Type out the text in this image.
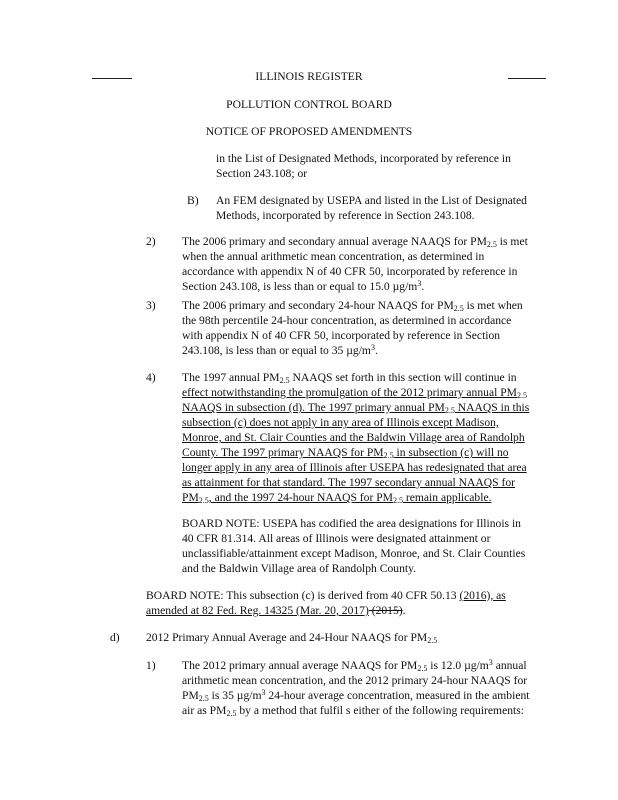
ILLINOIS REGISTER
POLLUTION CONTROL BOARD
NOTICE OF PROPOSED AMENDMENTS
in the List of Designated Methods, incorporated by reference in
Section 243.108; or
B) An FEM designated by USEPA and listed in the List of Designated
Methods, incorporated by reference in Section 243.108.
2) The 2006 primary and secondary annual average NAAQS for $PM_{2.5}$ is met
when the annual arithmetic mean concentration, as determined in
accordance with appendix N of 40 CFR 50, incorporated by reference in
Section 243.108, is less than or equal to 15.0 $\mu g/m^3$.
3) The 2006 primary and secondary 24-hour NAAQS for $PM_{2.5}$ is met when
the 98th percentile 24-hour concentration, as determined in accordance
with appendix N of 40 CFR 50, incorporated by reference in Section
243.108, is less than or equal to 35 $\mu g/m^3$.
4) The 1997 annual $PM_{2.5}$ NAAQS set forth in this section will continue in
effect notwithstanding the promulgation of the 2012 primary annual $PM_{2.5}$
NAAQS in subsection (d). The 1997 primary annual $PM_{2.5}$ NAAQS in this
subsection (c) does not apply in any area of Illinois except Madison,
Monroe, and St. Clair Counties and the Baldwin Village area of Randolph
County. The 1997 primary NAAQS for $PM_{2.5}$ in subsection (c) will no
longer apply in any area of Illinois after USEPA has redesignated that area
as attainment for that standard. The 1997 secondary annual NAAQS for
$PM_{2.5}$, and the 1997 24-hour NAAQS for $PM_{2.5}$ remain applicable.
BOARD NOTE: USEPA has codified the area designations for Illinois in
40 CFR 81.314. All areas of Illinois were designated attainment or
unclassifiable/attainment except Madison, Monroe, and St. Clair Counties
and the Baldwin Village area of Randolph County.
BOARD NOTE: This subsection (c) is derived from 40 CFR 50.13 (2016), as
amended at 82 Fed. Reg. 14325 (Mar. 20, 2017) (2015).
d) 2012 Primary Annual Average and 24-Hour NAAQS for $PM_{2.5}$
1) The 2012 primary annual average NAAQS for $PM_{2.5}$ is 12.0 $\mu g/m^3$ annual
arithmetic mean concentration, and the 2012 primary 24-hour NAAQS for
$PM_{2.5}$ is 35 $\mu g/m^3$ 24-hour average concentration, measured in the ambient
air as $PM_{2.5}$ by a method that fulfil s either of the following requirements:
